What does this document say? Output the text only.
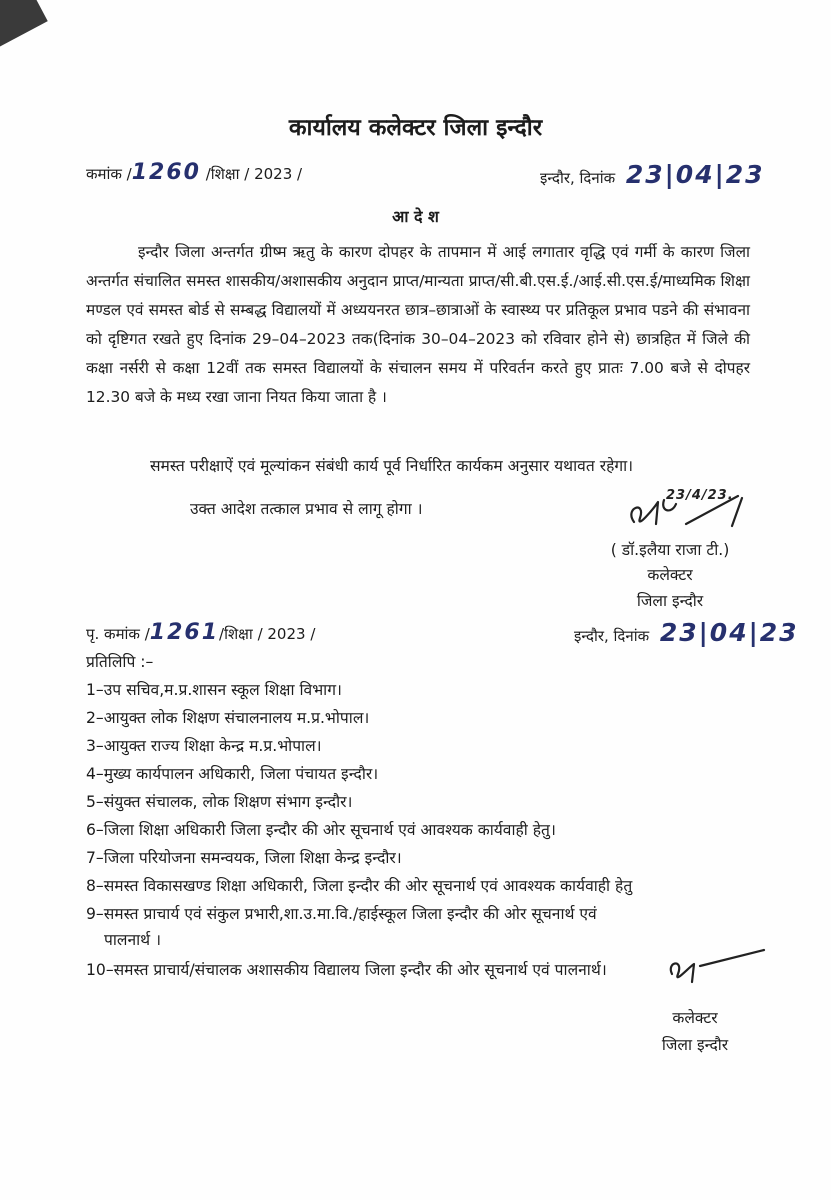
कार्यालय कलेक्टर जिला इन्दौर
कमांक /1260 /शिक्षा / 2023 /	इन्दौर, दिनांक 23|04|23
आ दे श
इन्दौर जिला अन्तर्गत ग्रीष्म ऋतु के कारण दोपहर के तापमान में आई लगातार वृद्धि एवं गर्मी के कारण जिला अन्तर्गत संचालित समस्त शासकीय/अशासकीय अनुदान प्राप्त/मान्यता प्राप्त/सी.बी.एस.ई./आई.सी.एस.ई/माध्यमिक शिक्षा मण्डल एवं समस्त बोर्ड से सम्बद्ध विद्यालयों में अध्ययनरत छात्र–छात्राओं के स्वास्थ्य पर प्रतिकूल प्रभाव पडने की संभावना को दृष्टिगत रखते हुए दिनांक 29–04–2023 तक(दिनांक 30–04–2023 को रविवार होने से) छात्रहित में जिले की कक्षा नर्सरी से कक्षा 12वीं तक समस्त विद्यालयों के संचालन समय में परिवर्तन करते हुए प्रातः 7.00 बजे से दोपहर 12.30 बजे के मध्य रखा जाना नियत किया जाता है ।
समस्त परीक्षाऐं एवं मूल्यांकन संबंधी कार्य पूर्व निर्धारित कार्यकम अनुसार यथावत रहेगा।
उक्त आदेश तत्काल प्रभाव से लागू होगा ।
23/4/23.
( डॉ.इलैया राजा टी.)
कलेक्टर
जिला इन्दौर
पृ. कमांक /1261/शिक्षा / 2023 /	इन्दौर, दिनांक 23|04|23
प्रतिलिपि :–
1–उप सचिव,म.प्र.शासन स्कूल शिक्षा विभाग।
2–आयुक्त लोक शिक्षण संचालनालय म.प्र.भोपाल।
3–आयुक्त राज्य शिक्षा केन्द्र म.प्र.भोपाल।
4–मुख्य कार्यपालन अधिकारी, जिला पंचायत इन्दौर।
5–संयुक्त संचालक, लोक शिक्षण संभाग इन्दौर।
6–जिला शिक्षा अधिकारी जिला इन्दौर की ओर सूचनार्थ एवं आवश्यक कार्यवाही हेतु।
7–जिला परियोजना समन्वयक, जिला शिक्षा केन्द्र इन्दौर।
8–समस्त विकासखण्ड शिक्षा अधिकारी, जिला इन्दौर की ओर सूचनार्थ एवं आवश्यक कार्यवाही हेतु
9–समस्त प्राचार्य एवं संकुल प्रभारी,शा.उ.मा.वि./हाईस्कूल जिला इन्दौर की ओर सूचनार्थ एवं
पालनार्थ ।
10–समस्त प्राचार्य/संचालक अशासकीय विद्यालय जिला इन्दौर की ओर सूचनार्थ एवं पालनार्थ।
कलेक्टर
जिला इन्दौर
